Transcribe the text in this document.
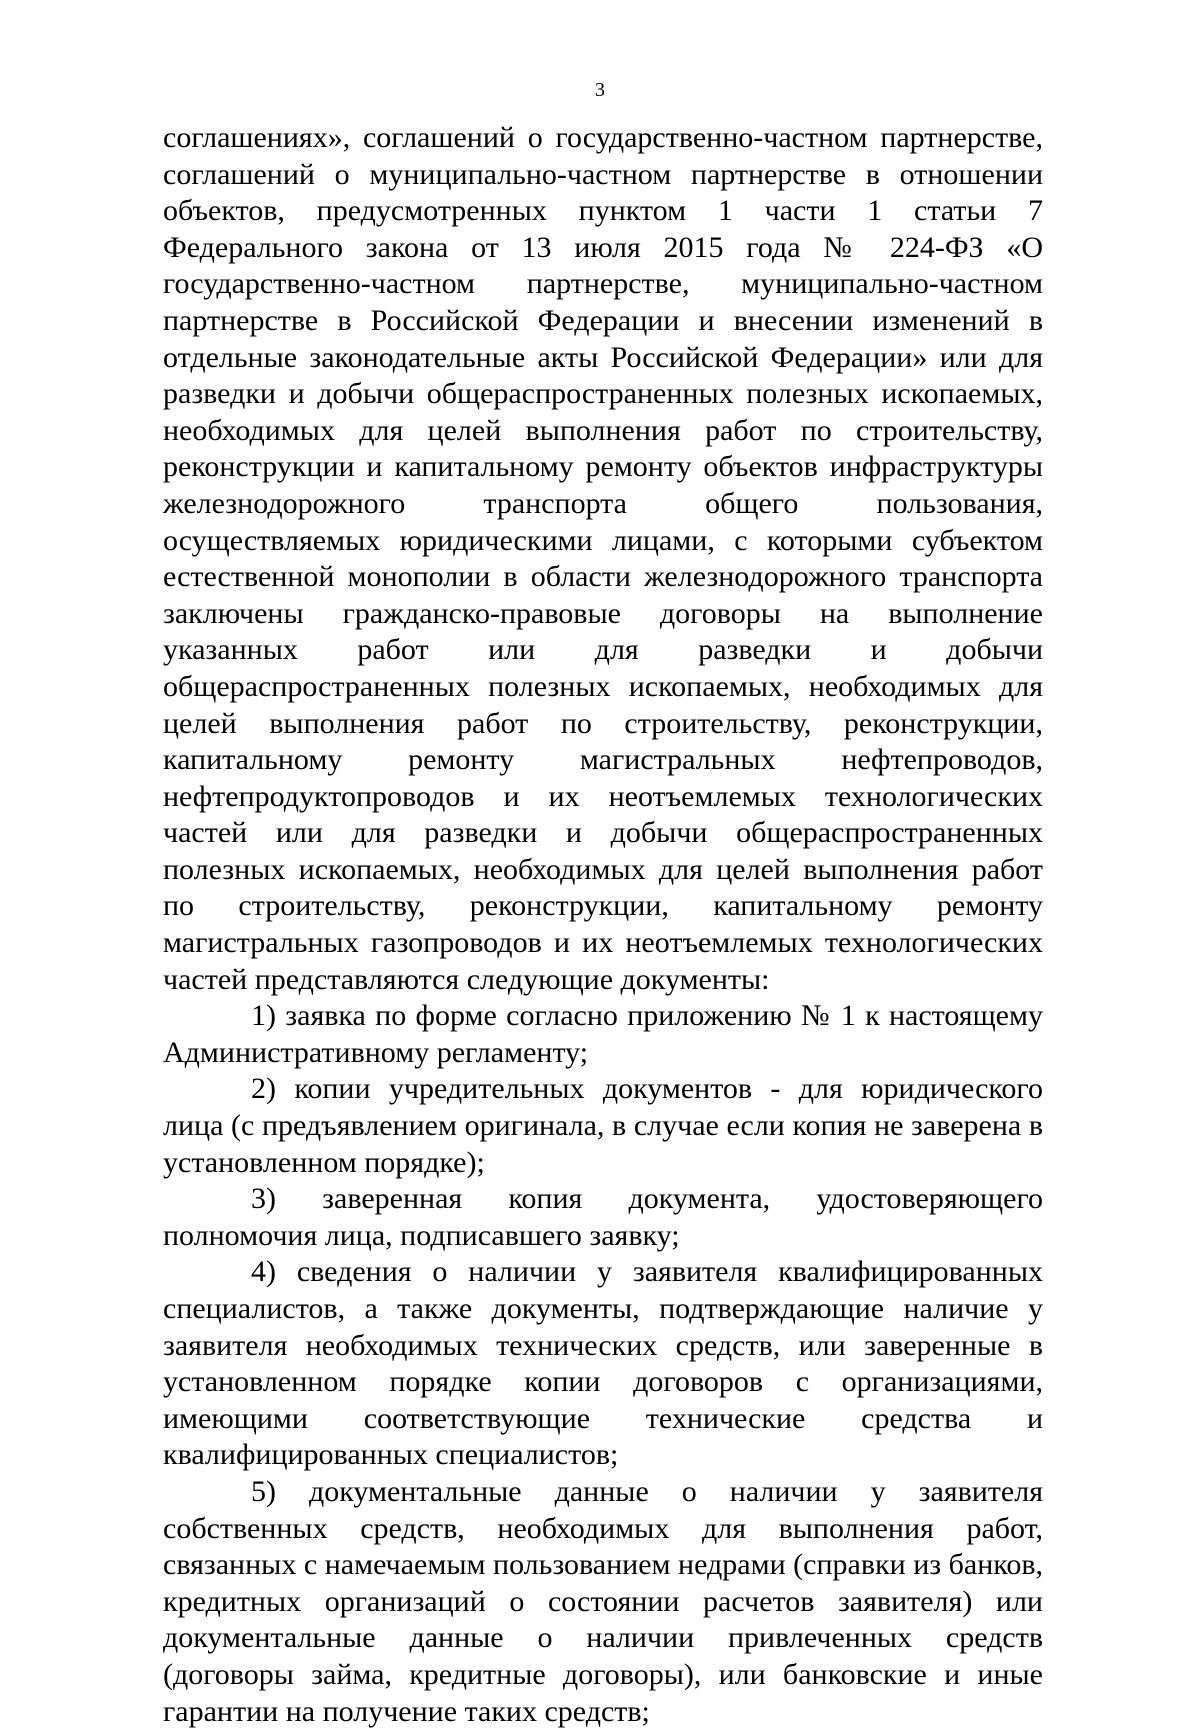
3

соглашениях», соглашений о государственно-частном партнерстве, соглашений о муниципально-частном партнерстве в отношении объектов, предусмотренных пунктом 1 части 1 статьи 7 Федерального закона от 13 июля 2015 года № 224-ФЗ «О государственно-частном партнерстве, муниципально-частном партнерстве в Российской Федерации и внесении изменений в отдельные законодательные акты Российской Федерации» или для разведки и добычи общераспространенных полезных ископаемых, необходимых для целей выполнения работ по строительству, реконструкции и капитальному ремонту объектов инфраструктуры железнодорожного транспорта общего пользования, осуществляемых юридическими лицами, с которыми субъектом естественной монополии в области железнодорожного транспорта заключены гражданско-правовые договоры на выполнение указанных работ или для разведки и добычи общераспространенных полезных ископаемых, необходимых для целей выполнения работ по строительству, реконструкции, капитальному ремонту магистральных нефтепроводов, нефтепродуктопроводов и их неотъемлемых технологических частей или для разведки и добычи общераспространенных полезных ископаемых, необходимых для целей выполнения работ по строительству, реконструкции, капитальному ремонту магистральных газопроводов и их неотъемлемых технологических частей представляются следующие документы:

1) заявка по форме согласно приложению № 1 к настоящему Административному регламенту;

2) копии учредительных документов - для юридического лица (с предъявлением оригинала, в случае если копия не заверена в установленном порядке);

3) заверенная копия документа, удостоверяющего полномочия лица, подписавшего заявку;

4) сведения о наличии у заявителя квалифицированных специалистов, а также документы, подтверждающие наличие у заявителя необходимых технических средств, или заверенные в установленном порядке копии договоров с организациями, имеющими соответствующие технические средства и квалифицированных специалистов;

5) документальные данные о наличии у заявителя собственных средств, необходимых для выполнения работ, связанных с намечаемым пользованием недрами (справки из банков, кредитных организаций о состоянии расчетов заявителя) или документальные данные о наличии привлеченных средств (договоры займа, кредитные договоры), или банковские и иные гарантии на получение таких средств;
